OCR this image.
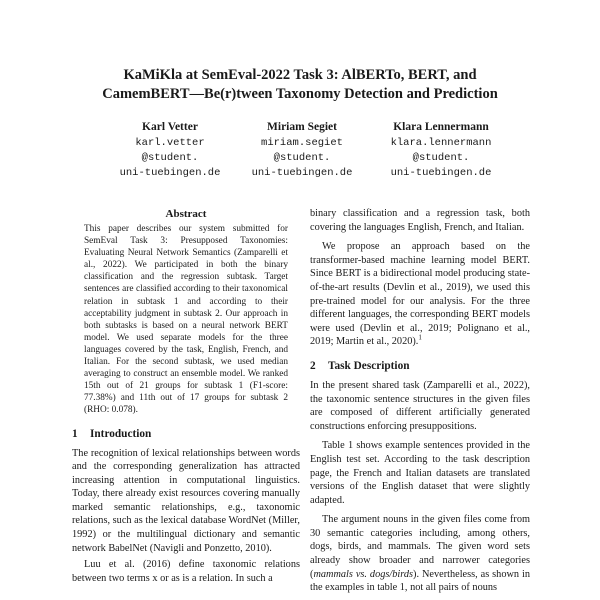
KaMiKla at SemEval-2022 Task 3: AlBERTo, BERT, and
CamemBERT—Be(r)tween Taxonomy Detection and Prediction
Karl Vetter
karl.vetter
@student.
uni-tuebingen.de
Miriam Segiet
miriam.segiet
@student.
uni-tuebingen.de
Klara Lennermann
klara.lennermann
@student.
uni-tuebingen.de
Abstract
This paper describes our system submitted for SemEval Task 3: Presupposed Taxonomies: Evaluating Neural Network Semantics (Zamparelli et al., 2022). We participated in both the binary classification and the regression subtask. Target sentences are classified according to their taxonomical relation in subtask 1 and according to their acceptability judgment in subtask 2. Our approach in both subtasks is based on a neural network BERT model. We used separate models for the three languages covered by the task, English, French, and Italian. For the second subtask, we used median averaging to construct an ensemble model. We ranked 15th out of 21 groups for subtask 1 (F1-score: 77.38%) and 11th out of 17 groups for subtask 2 (RHO: 0.078).
1 Introduction
The recognition of lexical relationships between words and the corresponding generalization has attracted increasing attention in computational linguistics. Today, there already exist resources covering manually marked semantic relationships, e.g., taxonomic relations, such as the lexical database WordNet (Miller, 1992) or the multilingual dictionary and semantic network BabelNet (Navigli and Ponzetto, 2010).
Luu et al. (2016) define taxonomic relations between two terms x or as is a relation. In such a
binary classification and a regression task, both covering the languages English, French, and Italian.
We propose an approach based on the transformer-based machine learning model BERT. Since BERT is a bidirectional model producing state-of-the-art results (Devlin et al., 2019), we used this pre-trained model for our analysis. For the three different languages, the corresponding BERT models were used (Devlin et al., 2019; Polignano et al., 2019; Martin et al., 2020).$^1$
2 Task Description
In the present shared task (Zamparelli et al., 2022), the taxonomic sentence structures in the given files are composed of different artificially generated constructions enforcing presuppositions.
Table 1 shows example sentences provided in the English test set. According to the task description page, the French and Italian datasets are translated versions of the English dataset that were slightly adapted.
The argument nouns in the given files come from 30 semantic categories including, among others, dogs, birds, and mammals. The given word sets already show broader and narrower categories (mammals vs. dogs/birds). Nevertheless, as shown in the examples in table 1, not all pairs of nouns
